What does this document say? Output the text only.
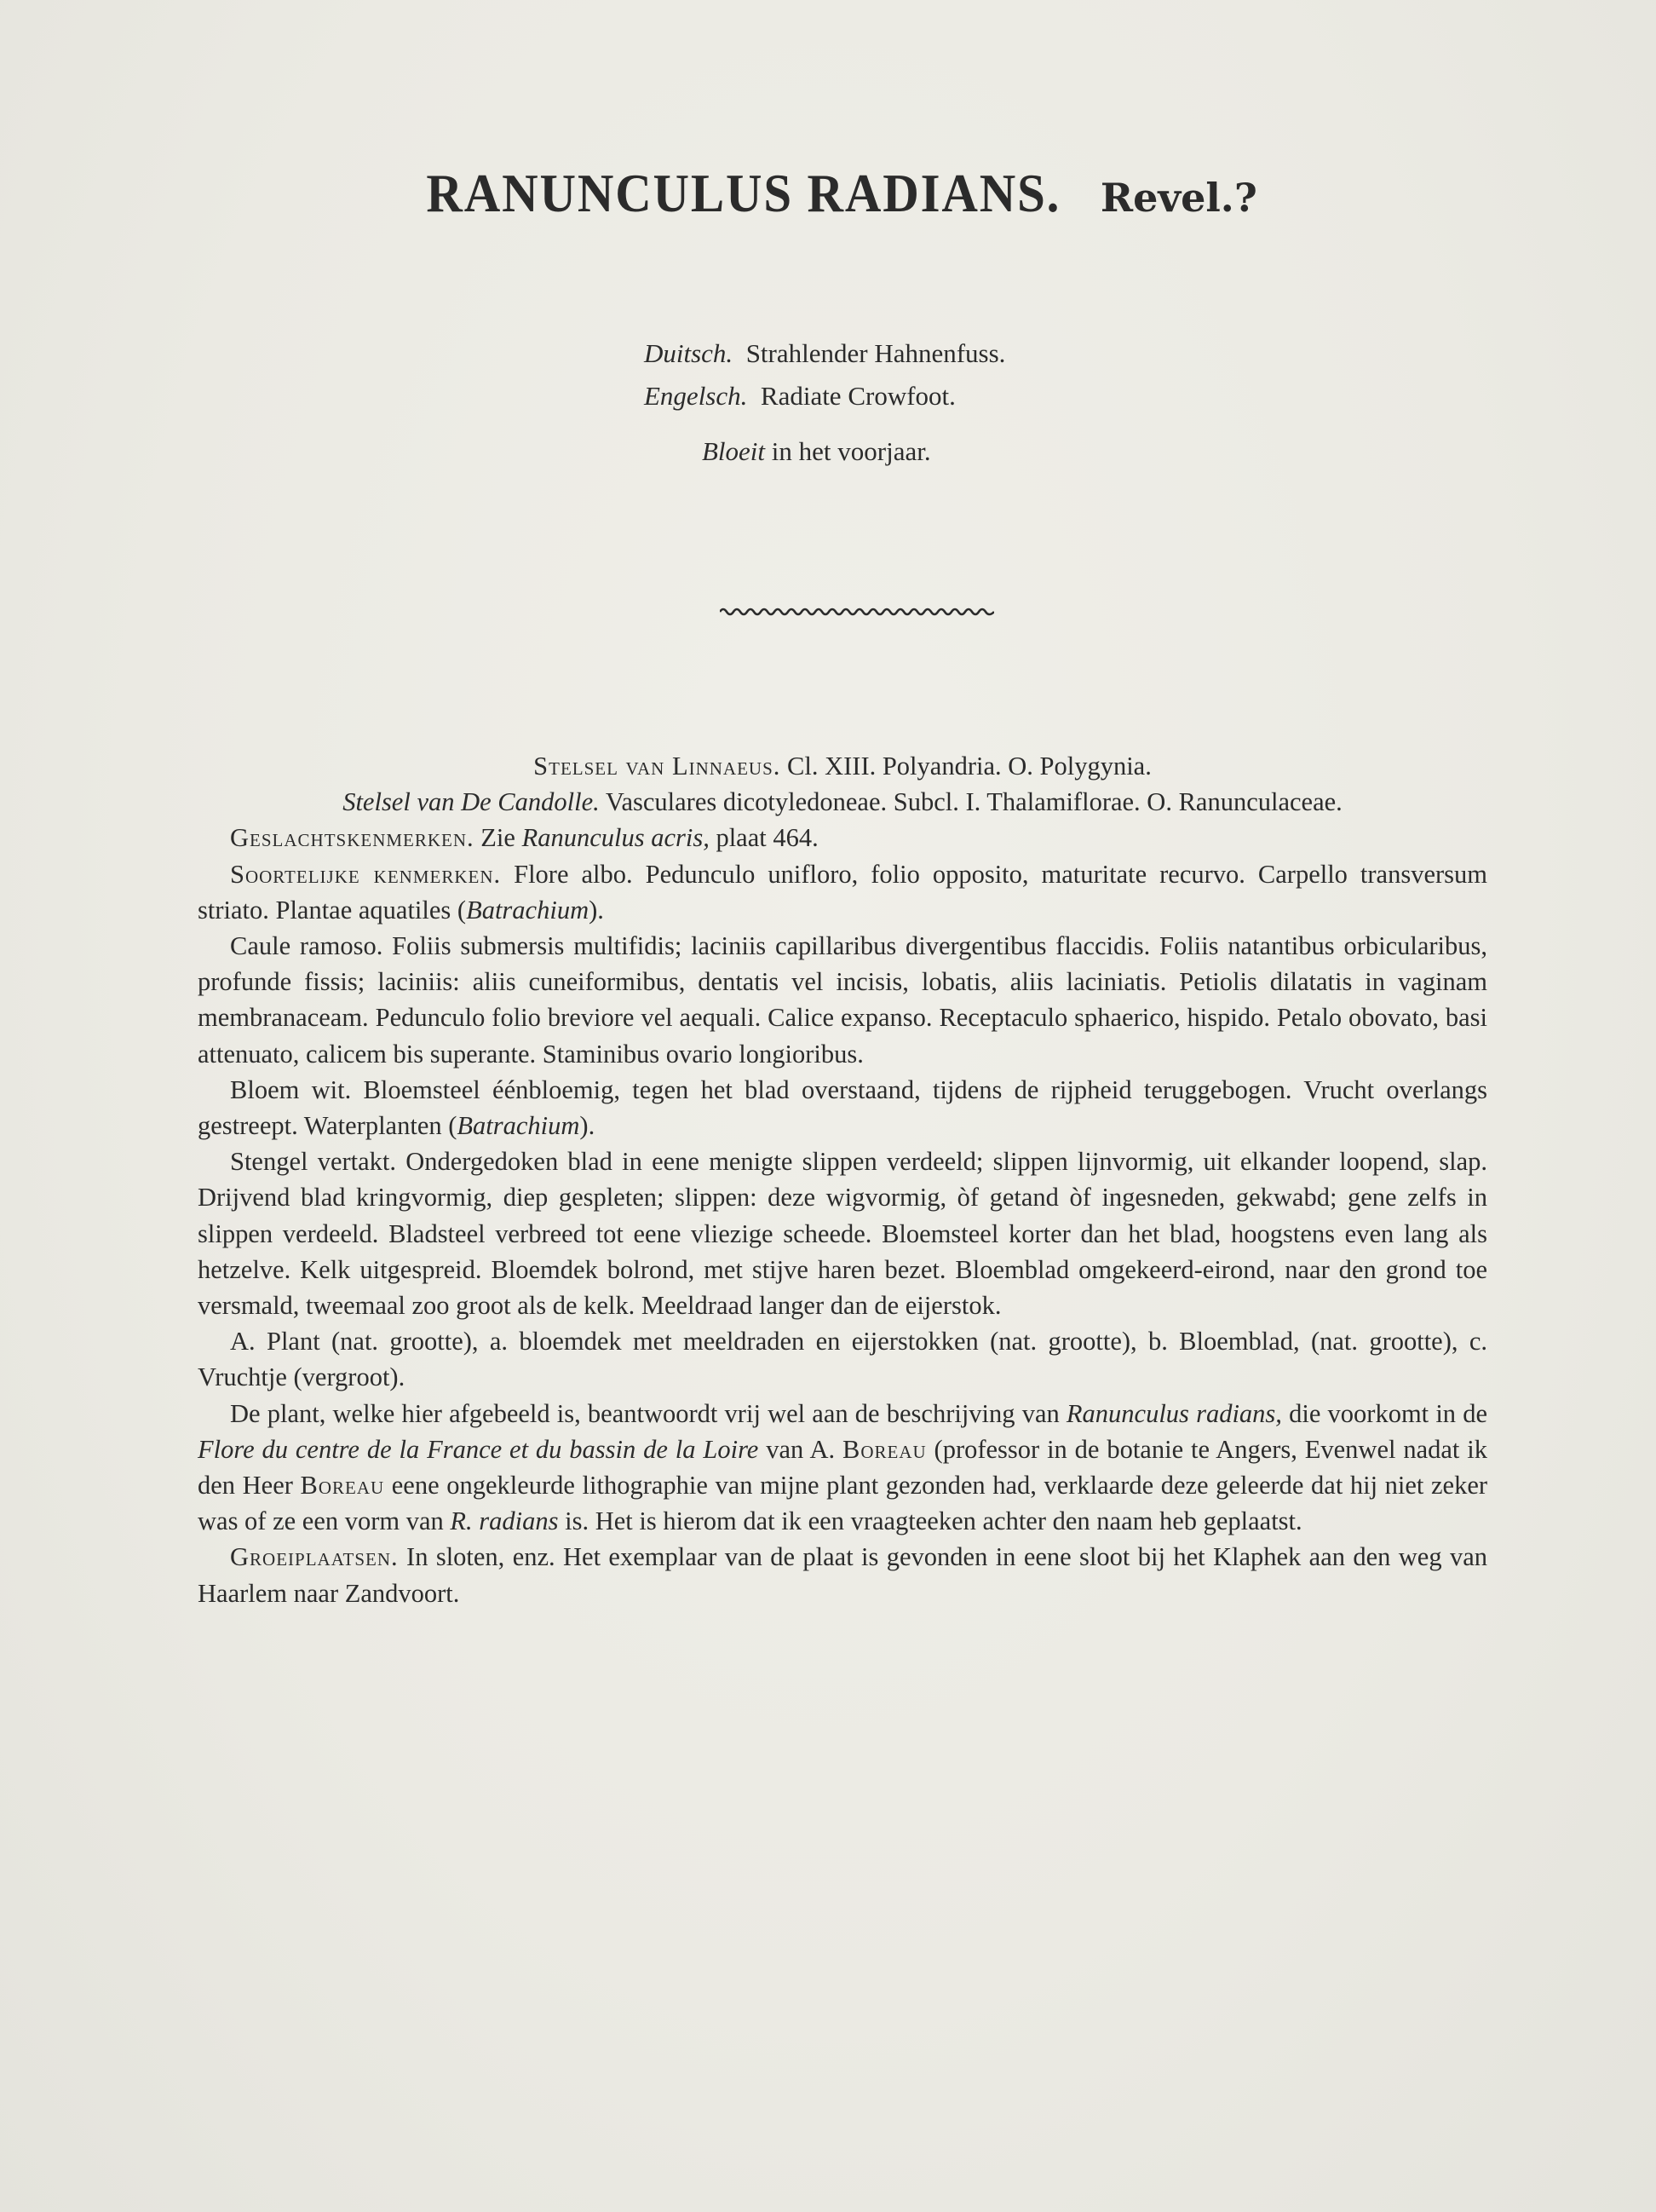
RANUNCULUS RADIANS. Revel.?
Duitsch. Strahlender Hahnenfuss.
Engelsch. Radiate Crowfoot.
Bloeit in het voorjaar.

Stelsel van Linnaeus. Cl. XIII. Polyandria. O. Polygynia.

Stelsel van De Candolle. Vasculares dicotyledoneae. Subcl. I. Thalamiflorae. O. Ranunculaceae.

Geslachtskenmerken. Zie Ranunculus acris, plaat 464.

Soortelijke kenmerken. Flore albo. Pedunculo unifloro, folio opposito, maturitate recurvo. Carpello transversum striato. Plantae aquatiles (Batrachium).

Caule ramoso. Foliis submersis multifidis; laciniis capillaribus divergentibus flaccidis. Foliis natantibus orbicularibus, profunde fissis; laciniis: aliis cuneiformibus, dentatis vel incisis, lobatis, aliis laciniatis. Petiolis dilatatis in vaginam membranaceam. Pedunculo folio breviore vel aequali. Calice expanso. Receptaculo sphaerico, hispido. Petalo obovato, basi attenuato, calicem bis superante. Staminibus ovario longioribus.

Bloem wit. Bloemsteel éénbloemig, tegen het blad overstaand, tijdens de rijpheid teruggebogen. Vrucht overlangs gestreept. Waterplanten (Batrachium).

Stengel vertakt. Ondergedoken blad in eene menigte slippen verdeeld; slippen lijnvormig, uit elkander loopend, slap. Drijvend blad kringvormig, diep gespleten; slippen: deze wigvormig, òf getand òf ingesneden, gekwabd; gene zelfs in slippen verdeeld. Bladsteel verbreed tot eene vliezige scheede. Bloemsteel korter dan het blad, hoogstens even lang als hetzelve. Kelk uitgespreid. Bloemdek bolrond, met stijve haren bezet. Bloemblad omgekeerd-eirond, naar den grond toe versmald, tweemaal zoo groot als de kelk. Meeldraad langer dan de eijerstok.

A. Plant (nat. grootte), a. bloemdek met meeldraden en eijerstokken (nat. grootte), b. Bloemblad, (nat. grootte), c. Vruchtje (vergroot).

De plant, welke hier afgebeeld is, beantwoordt vrij wel aan de beschrijving van Ranunculus radians, die voorkomt in de Flore du centre de la France et du bassin de la Loire van A. Boreau (professor in de botanie te Angers, Evenwel nadat ik den Heer Boreau eene ongekleurde lithographie van mijne plant gezonden had, verklaarde deze geleerde dat hij niet zeker was of ze een vorm van R. radians is. Het is hierom dat ik een vraagteeken achter den naam heb geplaatst.

Groeiplaatsen. In sloten, enz. Het exemplaar van de plaat is gevonden in eene sloot bij het Klaphek aan den weg van Haarlem naar Zandvoort.
